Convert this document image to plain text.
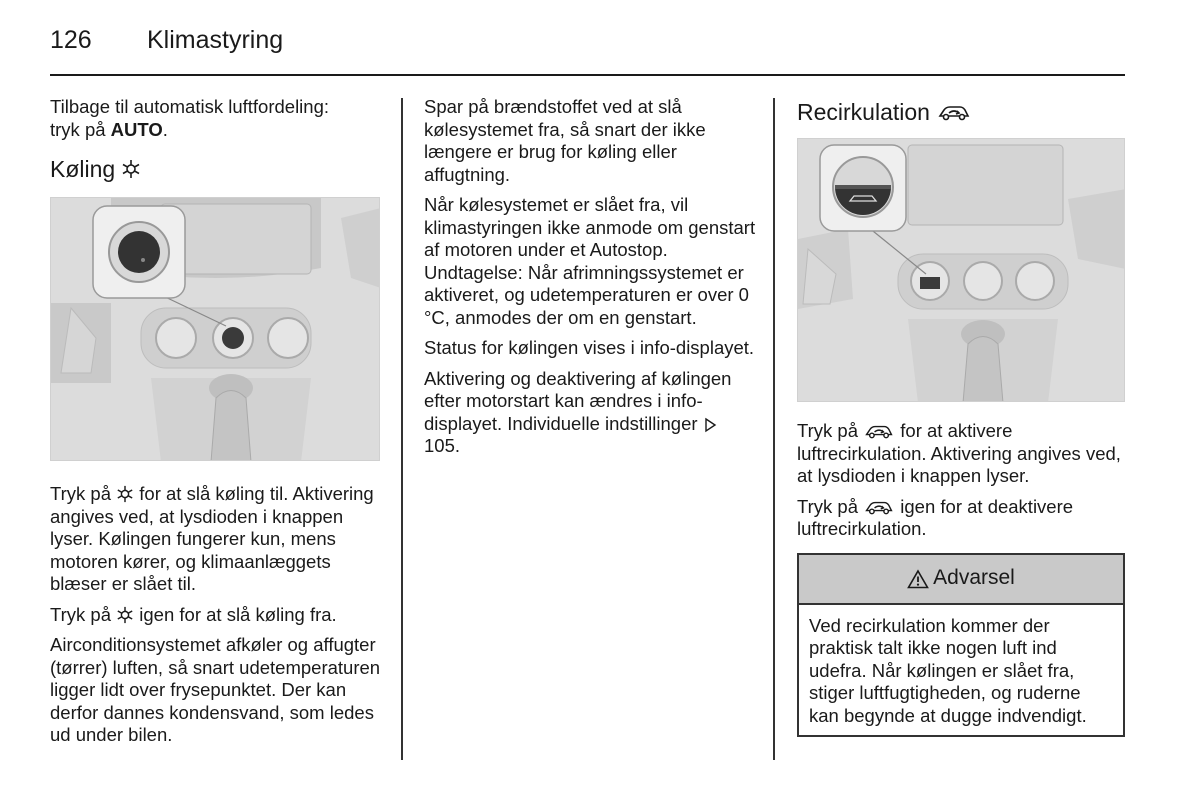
126 Klimastyring

Tilbage til automatisk luftfordeling:
tryk på AUTO.

Køling

Tryk på  for at slå køling til. Aktivering angives ved, at lysdioden i knappen lyser. Kølingen fungerer kun, mens motoren kører, og klimaanlæggets blæser er slået til.

Tryk på  igen for at slå køling fra.

Airconditionsystemet afkøler og affugter (tørrer) luften, så snart udetemperaturen ligger lidt over frysepunktet. Der kan derfor dannes kondensvand, som ledes ud under bilen.

Spar på brændstoffet ved at slå kølesystemet fra, så snart der ikke længere er brug for køling eller affugtning.

Når kølesystemet er slået fra, vil klimastyringen ikke anmode om genstart af motoren under et Autostop. Undtagelse: Når afrimningssystemet er aktiveret, og udetemperaturen er over 0 °C, anmodes der om en genstart.

Status for kølingen vises i info-displayet.

Aktivering og deaktivering af kølingen efter motorstart kan ændres i info-displayet. Individuelle indstillinger  105.

Recirkulation

Tryk på  for at aktivere luftrecirkulation. Aktivering angives ved, at lysdioden i knappen lyser.

Tryk på  igen for at deaktivere luftrecirkulation.

Advarsel
Ved recirkulation kommer der praktisk talt ikke nogen luft ind udefra. Når kølingen er slået fra, stiger luftfugtigheden, og ruderne kan begynde at dugge indvendigt.
